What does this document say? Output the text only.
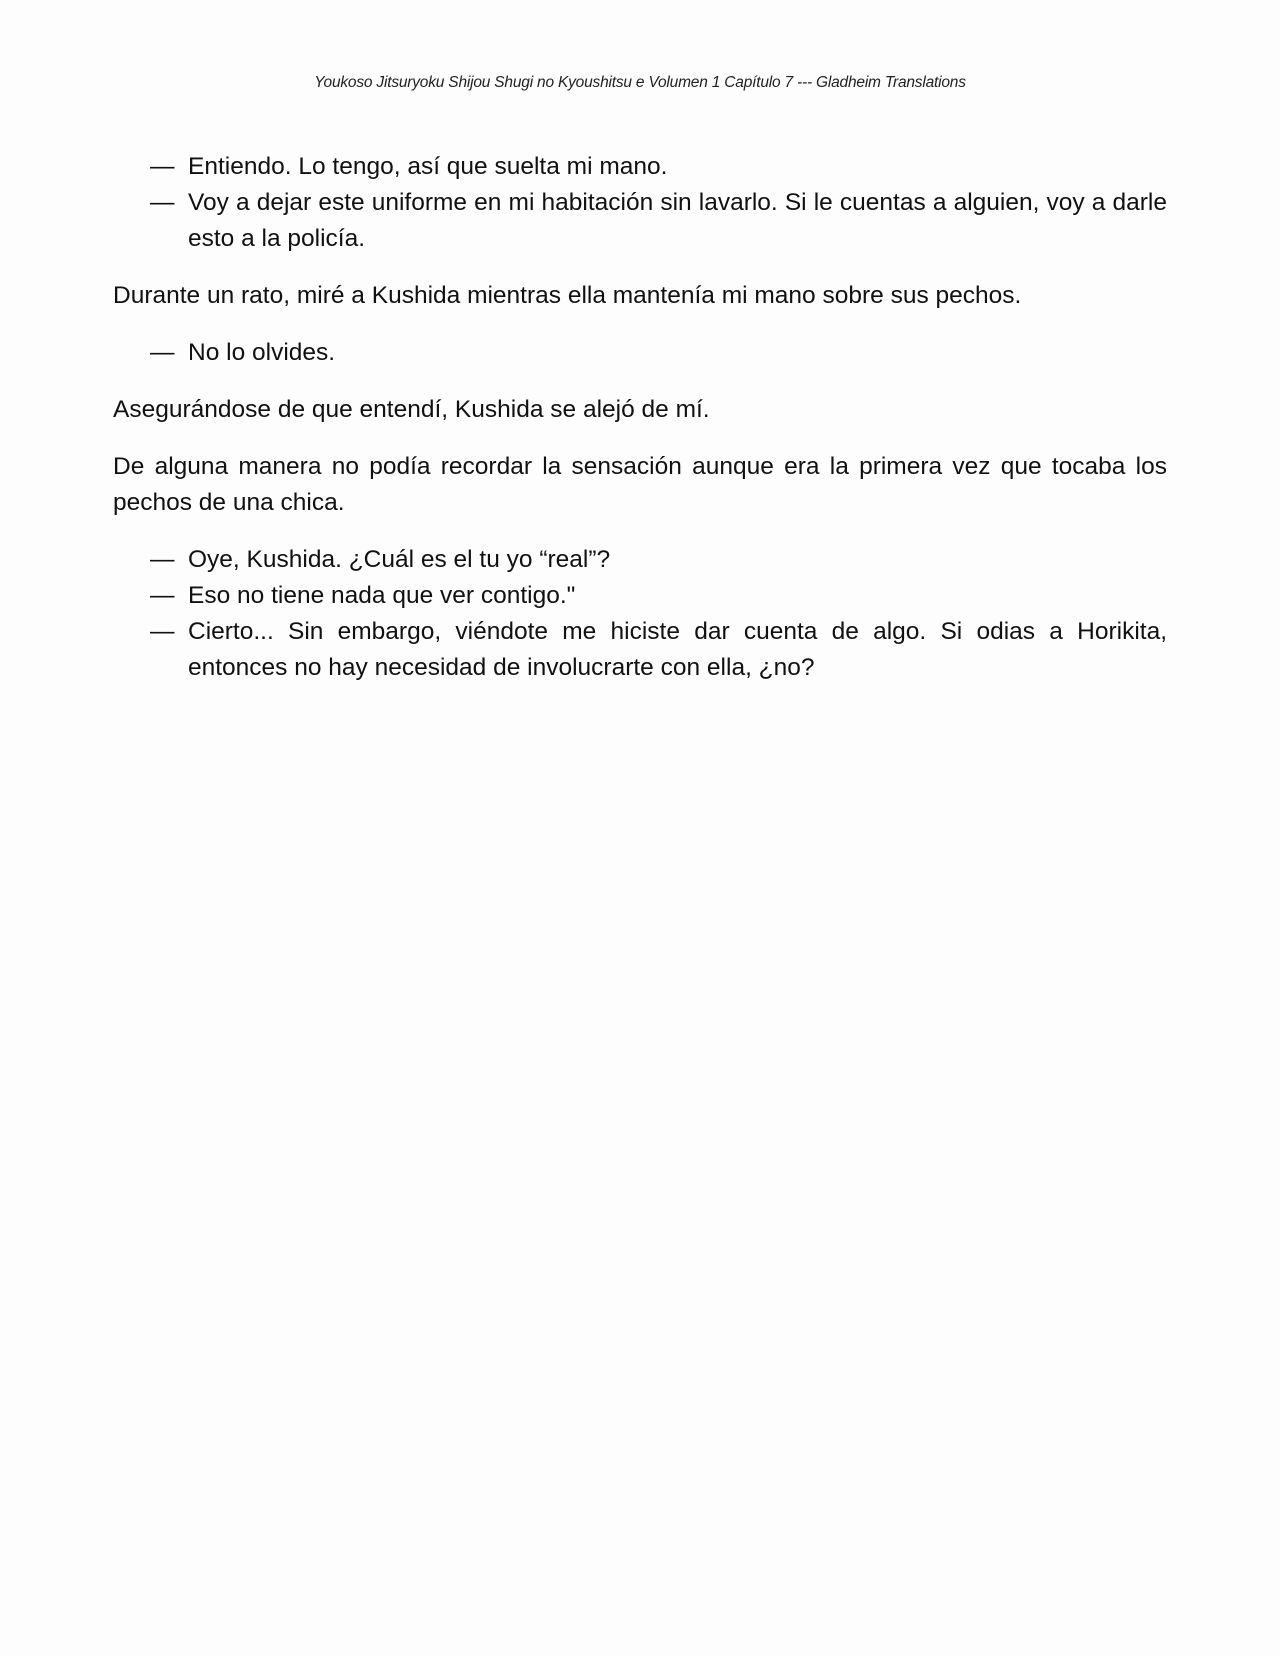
Youkoso Jitsuryoku Shijou Shugi no Kyoushitsu e Volumen 1 Capítulo 7 --- Gladheim Translations
— Entiendo. Lo tengo, así que suelta mi mano.
— Voy a dejar este uniforme en mi habitación sin lavarlo. Si le cuentas a alguien, voy a darle esto a la policía.

Durante un rato, miré a Kushida mientras ella mantenía mi mano sobre sus pechos.

— No lo olvides.

Asegurándose de que entendí, Kushida se alejó de mí.

De alguna manera no podía recordar la sensación aunque era la primera vez que tocaba los pechos de una chica.

— Oye, Kushida. ¿Cuál es el tu yo “real”?
— Eso no tiene nada que ver contigo."
— Cierto... Sin embargo, viéndote me hiciste dar cuenta de algo. Si odias a Horikita, entonces no hay necesidad de involucrarte con ella, ¿no?
